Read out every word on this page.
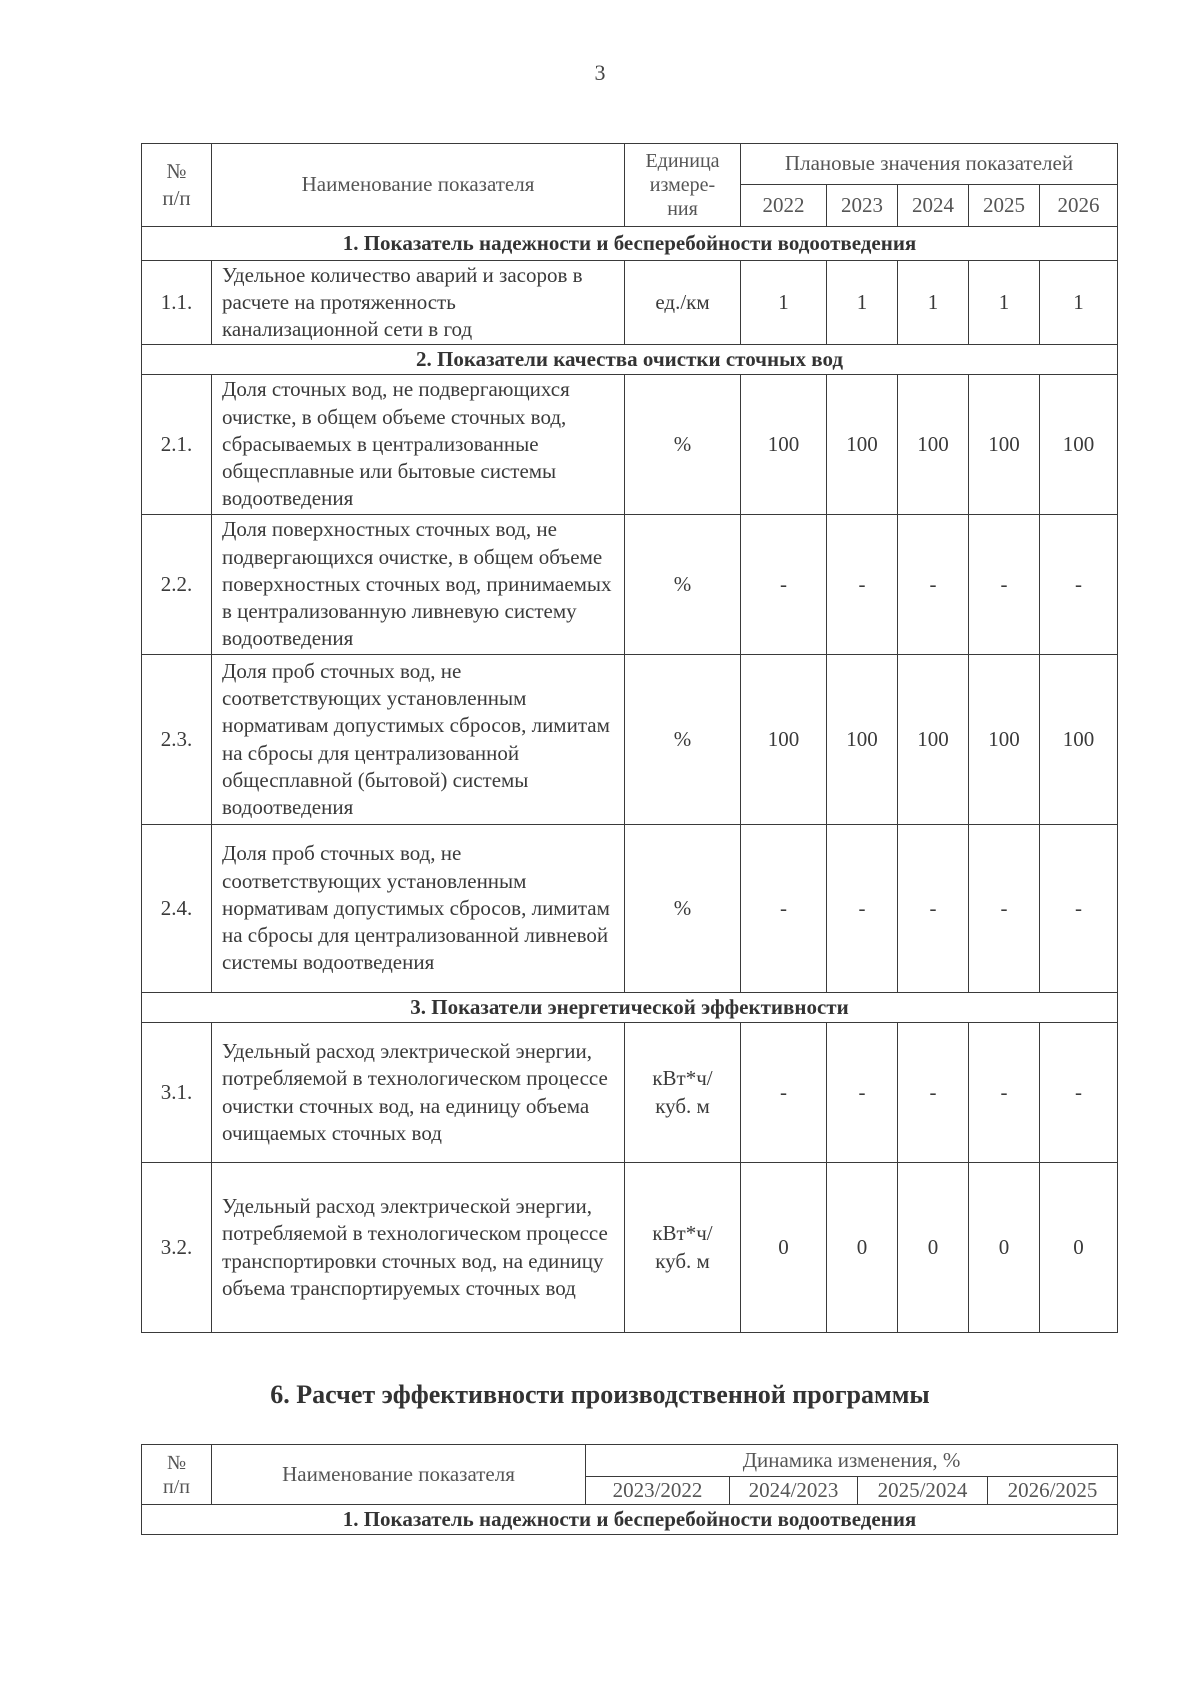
3
№
п/п	Наименование показателя	Единица
измере-
ния	Плановые значения показателей				
			2022	2023	2024	2025	2026
1. Показатель надежности и бесперебойности водоотведения							
1.1.	Удельное количество аварий и засоров в расчете на протяженность канализационной сети в год	ед./км	1	1	1	1	1
2. Показатели качества очистки сточных вод							
2.1.	Доля сточных вод, не подвергающихся очистке, в общем объеме сточных вод, сбрасываемых в централизованные общесплавные или бытовые системы водоотведения	%	100	100	100	100	100
2.2.	Доля поверхностных сточных вод, не подвергающихся очистке, в общем объеме поверхностных сточных вод, принимаемых в централизованную ливневую систему водоотведения	%	-	-	-	-	-
2.3.	Доля проб сточных вод, не соответствующих установленным нормативам допустимых сбросов, лимитам на сбросы для централизованной общесплавной (бытовой) системы водоотведения	%	100	100	100	100	100
2.4.	Доля проб сточных вод, не соответствующих установленным нормативам допустимых сбросов, лимитам на сбросы для централизованной ливневой системы водоотведения	%	-	-	-	-	-
3. Показатели энергетической эффективности							
3.1.	Удельный расход электрической энергии, потребляемой в технологическом процессе очистки сточных вод, на единицу объема очищаемых сточных вод	кВт*ч/
куб. м	-	-	-	-	-
3.2.	Удельный расход электрической энергии, потребляемой в технологическом процессе транспортировки сточных вод, на единицу объема транспортируемых сточных вод	кВт*ч/
куб. м	0	0	0	0	0
6. Расчет эффективности производственной программы
№
п/п	Наименование показателя	Динамика изменения, %			
		2023/2022	2024/2023	2025/2024	2026/2025
1. Показатель надежности и бесперебойности водоотведения					
